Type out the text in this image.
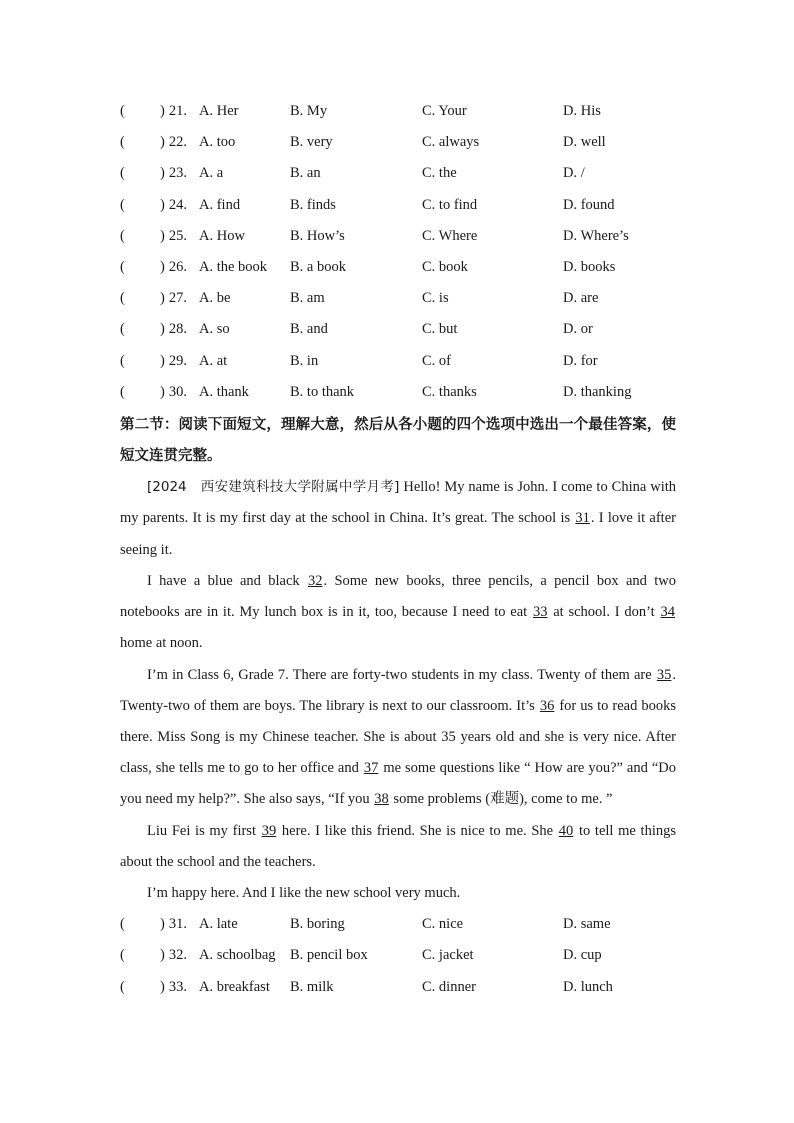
( ) 21. A. Her	B. My	C. Your	D. His
( ) 22. A. too	B. very	C. always	D. well
( ) 23. A. a	B. an	C. the	D. /
( ) 24. A. find	B. finds	C. to find	D. found
( ) 25. A. How	B. How’s	C. Where	D. Where’s
( ) 26. A. the book B. a book	C. book	D. books
( ) 27. A. be	B. am	C. is	D. are
( ) 28. A. so	B. and	C. but	D. or
( ) 29. A. at	B. in	C. of	D. for
( ) 30. A. thank	B. to thank	C. thanks	D. thanking

第二节：阅读下面短文，理解大意，然后从各小题的四个选项中选出一个最佳答案，使短文连贯完整。

[2024　西安建筑科技大学附属中学月考] Hello! My name is John. I come to China with my parents. It is my first day at the school in China. It’s great. The school is 31. I love it after seeing it.

I have a blue and black 32. Some new books, three pencils, a pencil box and two notebooks are in it. My lunch box is in it, too, because I need to eat 33 at school. I don’t 34 home at noon.

I’m in Class 6, Grade 7. There are forty-two students in my class. Twenty of them are 35. Twenty-two of them are boys. The library is next to our classroom. It’s 36 for us to read books there. Miss Song is my Chinese teacher. She is about 35 years old and she is very nice. After class, she tells me to go to her office and 37 me some questions like “ How are you?” and “Do you need my help?”. She also says, “If you 38 some problems (难题), come to me. ”

Liu Fei is my first 39 here. I like this friend. She is nice to me. She 40 to tell me things about the school and the teachers.

I’m happy here. And I like the new school very much.

( ) 31. A. late	B. boring	C. nice	D. same
( ) 32. A. schoolbag B. pencil box	C. jacket	D. cup
( ) 33. A. breakfast B. milk	C. dinner	D. lunch
